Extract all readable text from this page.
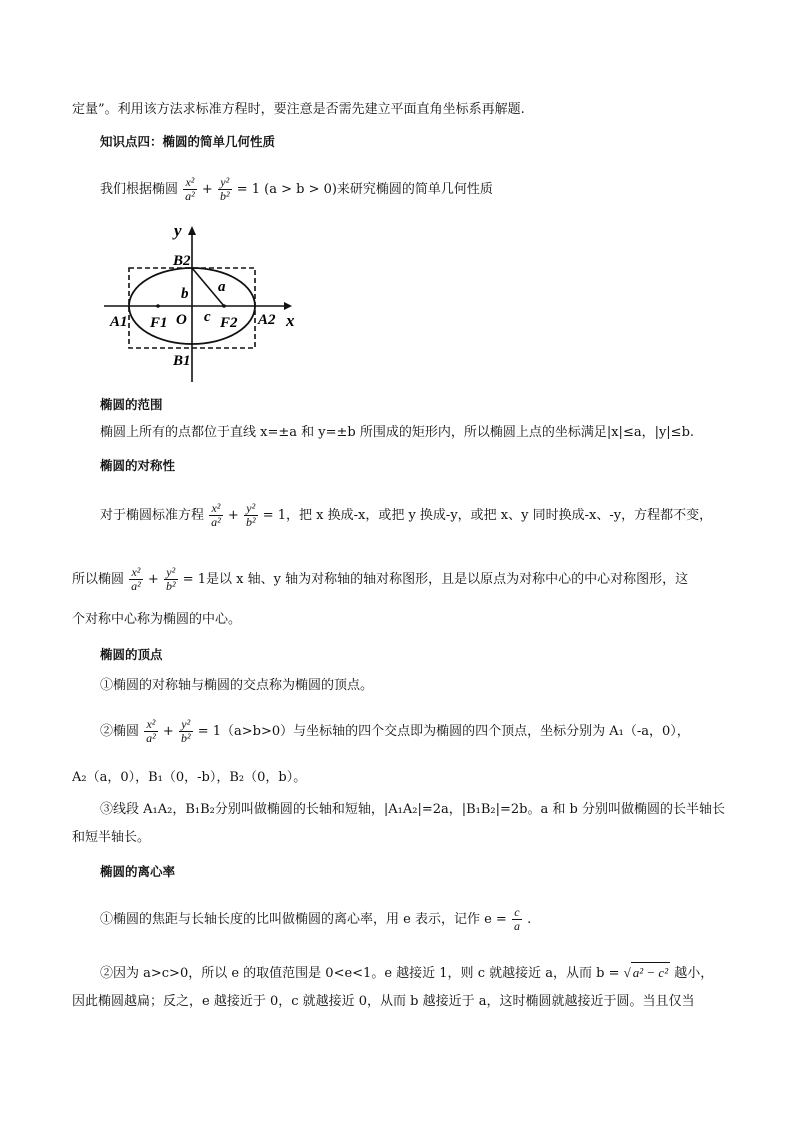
定量”。利用该方法求标准方程时，要注意是否需先建立平面直角坐标系再解题.
知识点四：椭圆的简单几何性质
我们根据椭圆 $\frac{\text{x²}}{\text{a²}} + \frac{\text{y²}}{\text{b²}} = 1$ (a > b > 0)来研究椭圆的简单几何性质
y
x
B2
B1
A1	A2
F1	F2
O
a
b
c
椭圆的范围
椭圆上所有的点都位于直线 x=±a 和 y=±b 所围成的矩形内，所以椭圆上点的坐标满足|x|≤a，|y|≤b.
椭圆的对称性
对于椭圆标准方程 $\frac{\text{x²}}{\text{a²}} + \frac{\text{y²}}{\text{b²}} = 1$，把 x 换成-x，或把 y 换成-y，或把 x、y 同时换成-x、-y，方程都不变，
所以椭圆 $\frac{\text{x²}}{\text{a²}} + \frac{\text{y²}}{\text{b²}} = 1$是以 x 轴、y 轴为对称轴的轴对称图形，且是以原点为对称中心的中心对称图形，这
个对称中心称为椭圆的中心。
椭圆的顶点
①椭圆的对称轴与椭圆的交点称为椭圆的顶点。
②椭圆 $\frac{\text{x²}}{\text{a²}} + \frac{\text{y²}}{\text{b²}} = 1(a>b>0)$与坐标轴的四个交点即为椭圆的四个顶点，坐标分别为 A₁（-a，0），
A₂（a，0），B₁（0，-b），B₂（0，b）。
③线段 A₁A₂，B₁B₂分别叫做椭圆的长轴和短轴，|A₁A₂|=2a，|B₁B₂|=2b。a 和 b 分别叫做椭圆的长半轴长
和短半轴长。
椭圆的离心率
①椭圆的焦距与长轴长度的比叫做椭圆的离心率，用 e 表示，记作 $e = \frac{c}{a}$ .
②因为 a>c>0，所以 e 的取值范围是 0<e<1。e 越接近 1，则 c 就越接近 a，从而 b = √ a² − c² 越小，
因此椭圆越扁；反之，e 越接近于 0，c 就越接近 0，从而 b 越接近于 a，这时椭圆就越接近于圆。当且仅当
